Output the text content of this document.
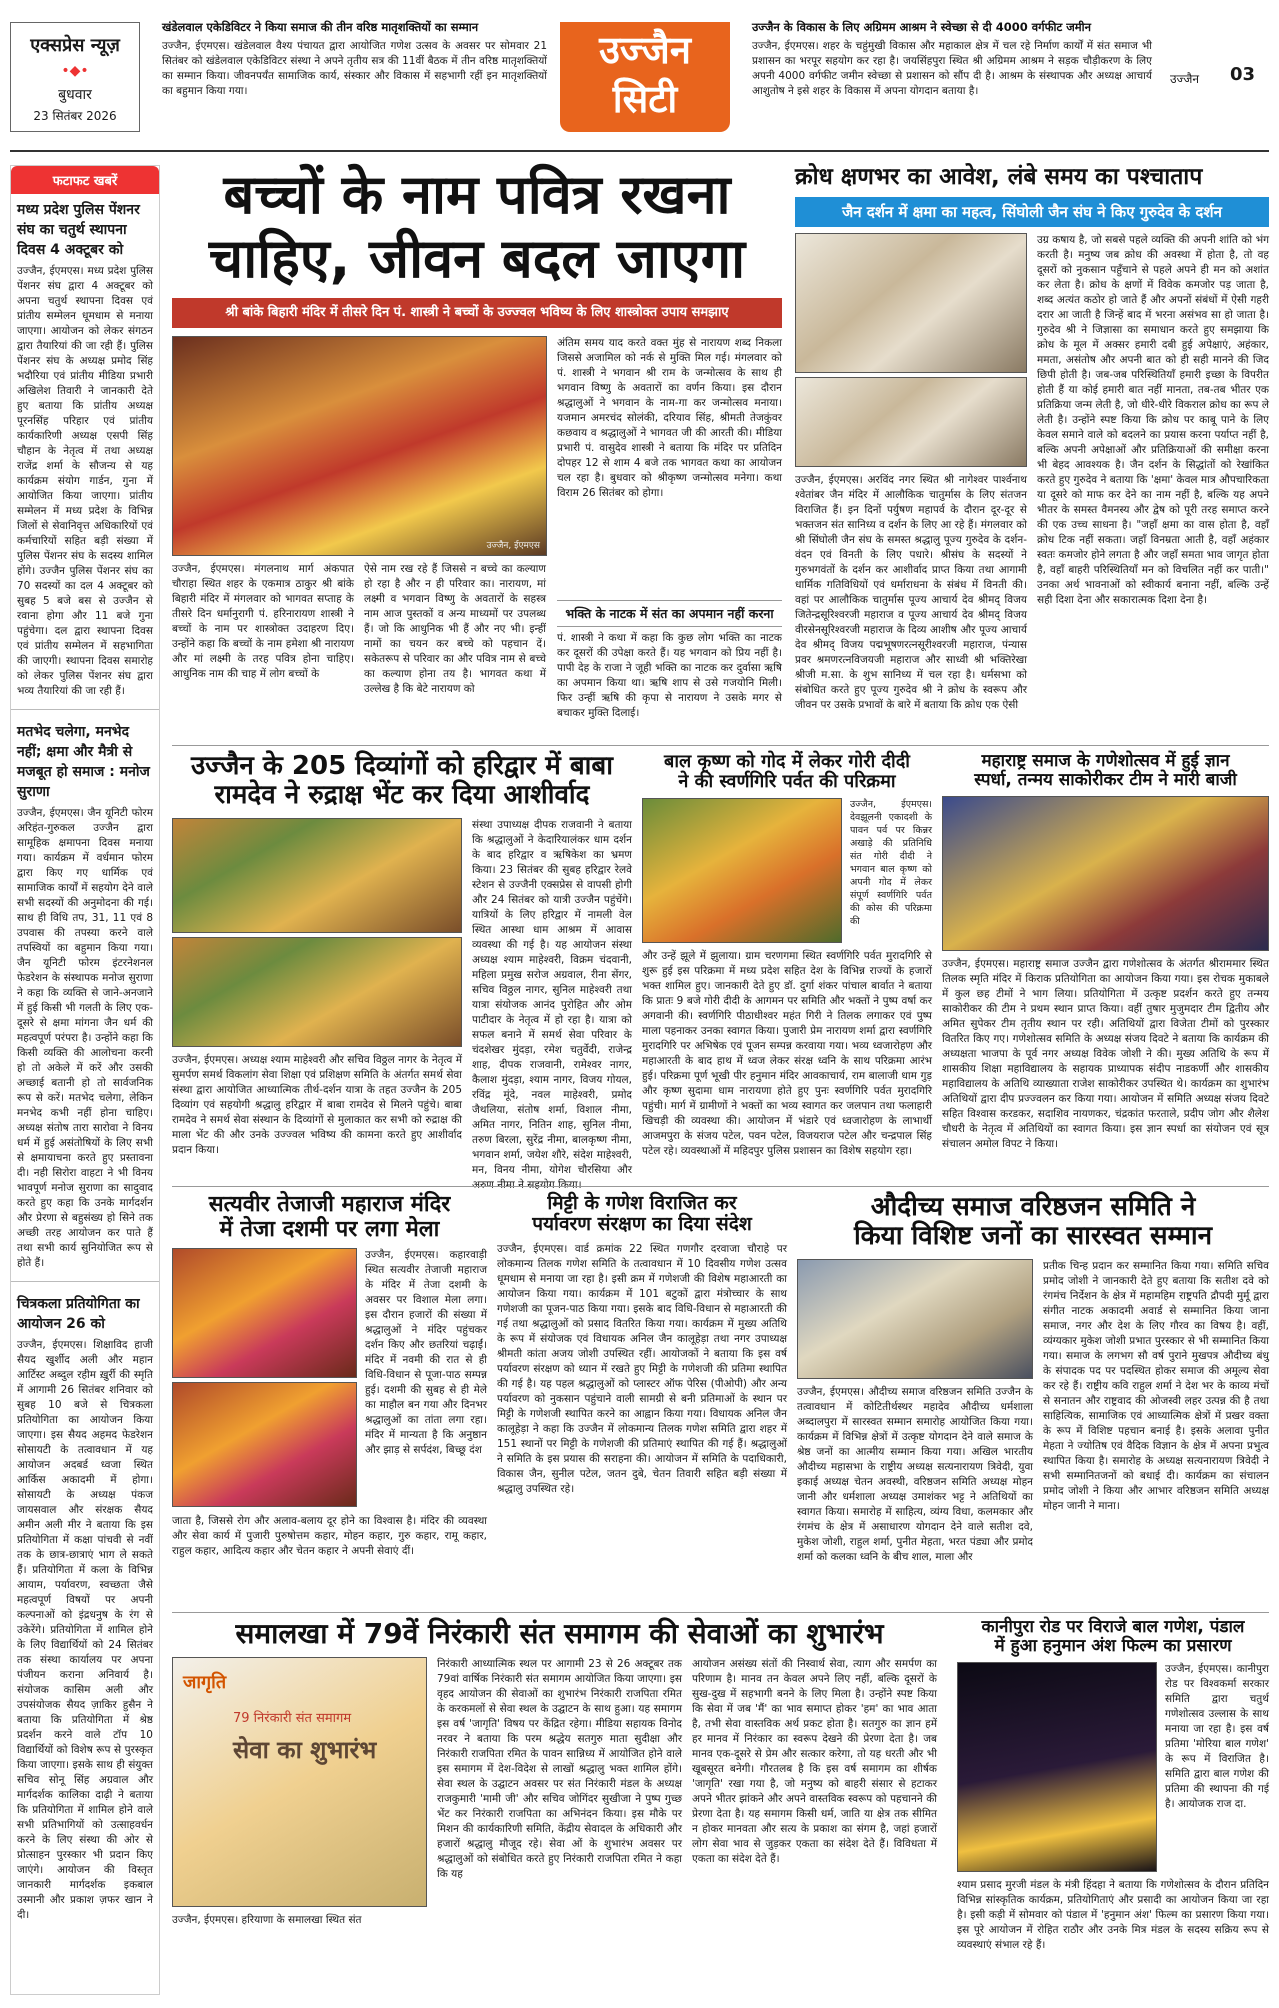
एक्सप्रेस न्यूज़
•◆•
बुधवार
23 सितंबर 2026
खंडेलवाल एकेडिविटर ने किया समाज की तीन वरिष्ठ मातृशक्तियों का सम्मान

उज्जैन, ईएमएस। खंडेलवाल वैश्य पंचायत द्वारा आयोजित गणेश उत्सव के अवसर पर सोमवार 21 सितंबर को खंडेलवाल एकेडिविटर संस्था ने अपने तृतीय सत्र की 11वीं बैठक में तीन वरिष्ठ मातृशक्तियों का सम्मान किया। जीवनपर्यंत सामाजिक कार्य, संस्कार और विकास में सहभागी रहीं इन मातृशक्तियों का बहुमान किया गया।

उज्जैन
सिटी
उज्जैन के विकास के लिए अग्रिमम आश्रम ने स्वेच्छा से दी 4000 वर्गफीट जमीन

उज्जैन, ईएमएस। शहर के चहुंमुखी विकास और महाकाल क्षेत्र में चल रहे निर्माण कार्यों में संत समाज भी प्रशासन का भरपूर सहयोग कर रहा है। जयसिंहपुरा स्थित श्री अग्रिमम आश्रम ने सड़क चौड़ीकरण के लिए अपनी 4000 वर्गफीट जमीन स्वेच्छा से प्रशासन को सौंप दी है। आश्रम के संस्थापक और अध्यक्ष आचार्य आशुतोष ने इसे शहर के विकास में अपना योगदान बताया है।

उज्जैन 03
फटाफट खबरें
मध्य प्रदेश पुलिस पेंशनर संघ का चतुर्थ स्थापना दिवस 4 अक्टूबर को

उज्जैन, ईएमएस। मध्य प्रदेश पुलिस पेंशनर संघ द्वारा 4 अक्टूबर को अपना चतुर्थ स्थापना दिवस एवं प्रांतीय सम्मेलन धूमधाम से मनाया जाएगा। आयोजन को लेकर संगठन द्वारा तैयारियां की जा रही हैं। पुलिस पेंशनर संघ के अध्यक्ष प्रमोद सिंह भदौरिया एवं प्रांतीय मीडिया प्रभारी अखिलेश तिवारी ने जानकारी देते हुए बताया कि प्रांतीय अध्यक्ष पूरनसिंह परिहार एवं प्रांतीय कार्यकारिणी अध्यक्ष एसपी सिंह चौहान के नेतृत्व में तथा अध्यक्ष राजेंद्र शर्मा के सौजन्य से यह कार्यक्रम संयोग गार्डन, गुना में आयोजित किया जाएगा। प्रांतीय सम्मेलन में मध्य प्रदेश के विभिन्न जिलों से सेवानिवृत्त अधिकारियों एवं कर्मचारियों सहित बड़ी संख्या में पुलिस पेंशनर संघ के सदस्य शामिल होंगे। उज्जैन पुलिस पेंशनर संघ का 70 सदस्यों का दल 4 अक्टूबर को सुबह 5 बजे बस से उज्जैन से रवाना होगा और 11 बजे गुना पहुंचेगा। दल द्वारा स्थापना दिवस एवं प्रांतीय सम्मेलन में सहभागिता की जाएगी। स्थापना दिवस समारोह को लेकर पुलिस पेंशनर संघ द्वारा भव्य तैयारियां की जा रही हैं।

मतभेद चलेगा, मनभेद नहीं; क्षमा और मैत्री से मजबूत हो समाज : मनोज सुराणा

उज्जैन, ईएमएस। जैन यूनिटी फोरम अरिहंत-गुरुकल उज्जैन द्वारा सामूहिक क्षमापना दिवस मनाया गया। कार्यक्रम में वर्धमान फोरम द्वारा किए गए धार्मिक एवं सामाजिक कार्यों में सहयोग देने वाले सभी सदस्यों की अनुमोदना की गई। साथ ही विधि तप, 31, 11 एवं 8 उपवास की तपस्या करने वाले तपस्वियों का बहुमान किया गया। जैन यूनिटी फोरम इंटरनेशनल फेडरेशन के संस्थापक मनोज सुराणा ने कहा कि व्यक्ति से जाने-अनजाने में हुई किसी भी गलती के लिए एक-दूसरे से क्षमा मांगना जैन धर्म की महत्वपूर्ण परंपरा है। उन्होंने कहा कि किसी व्यक्ति की आलोचना करनी हो तो अकेले में करें और उसकी अच्छाई बतानी हो तो सार्वजनिक रूप से करें। मतभेद चलेगा, लेकिन मनभेद कभी नहीं होना चाहिए। अध्यक्ष संतोष तारा सारोवा ने विनय धर्म में हुई असंतोषियों के लिए सभी से क्षमायाचना करते हुए प्रस्तावना दी। नही सिरोरा वाहटा ने भी विनय भावपूर्ण मनोज सुराणा का सादुवाद करते हुए कहा कि उनके मार्गदर्शन और प्रेरणा से बहुसंख्य हो सिने तक अच्छी तरह आयोजन कर पाते हैं तथा सभी कार्य सुनियोजित रूप से होते हैं।

चित्रकला प्रतियोगिता का आयोजन 26 को

उज्जैन, ईएमएस। शिक्षाविद हाजी सैयद खुर्शीद अली और महान आर्टिस्ट अब्दुल रहीम ख़ुर्री की स्मृति में आगामी 26 सितंबर शनिवार को सुबह 10 बजे से चित्रकला प्रतियोगिता का आयोजन किया जाएगा। इस सैयद अहमद फेडरेशन सोसायटी के तत्वावधान में यह आयोजन अदबर्ड ध्वजा स्थित आर्किस अकादमी में होगा। सोसायटी के अध्यक्ष पंकज जायसवाल और संरक्षक सैयद अमीन अली मीर ने बताया कि इस प्रतियोगिता में कक्षा पांचवी से नवीं तक के छात्र-छात्राएं भाग ले सकते हैं। प्रतियोगिता में कला के विभिन्न आयाम, पर्यावरण, स्वच्छता जैसे महत्वपूर्ण विषयों पर अपनी कल्पनाओं को इंद्रधनुष के रंग से उकेरेंगे। प्रतियोगिता में शामिल होने के लिए विद्यार्थियों को 24 सितंबर तक संस्था कार्यालय पर अपना पंजीयन कराना अनिवार्य है। संयोजक कासिम अली और उपसंयोजक सैयद ज़ाकिर हुसैन ने बताया कि प्रतियोगिता में श्रेष्ठ प्रदर्शन करने वाले टॉप 10 विद्यार्थियों को विशेष रूप से पुरस्कृत किया जाएगा। इसके साथ ही संयुक्त सचिव सोनू सिंह अग्रवाल और मार्गदर्शक कालिका दाढ़ी ने बताया कि प्रतियोगिता में शामिल होने वाले सभी प्रतिभागियों को उत्साहवर्धन करने के लिए संस्था की ओर से प्रोत्साहन पुरस्कार भी प्रदान किए जाएंगे। आयोजन की विस्तृत जानकारी मार्गदर्शक इकबाल उस्मानी और प्रकाश ज़फर खान ने दी।

बच्चों के नाम पवित्र रखना
चाहिए, जीवन बदल जाएगा
श्री बांके बिहारी मंदिर में तीसरे दिन पं. शास्त्री ने बच्चों के उज्ज्वल भविष्य के लिए शास्त्रोक्त उपाय समझाए
उज्जैन, ईएमएस

उज्जैन, ईएमएस। मंगलनाथ मार्ग अंकपात चौराहा स्थित शहर के एकमात्र ठाकुर श्री बांके बिहारी मंदिर में मंगलवार को भागवत सप्ताह के तीसरे दिन धर्मानुरागी पं. हरिनारायण शास्त्री ने बच्चों के नाम पर शास्त्रोक्त उदाहरण दिए। उन्होंने कहा कि बच्चों के नाम हमेशा श्री नारायण और मां लक्ष्मी के तरह पवित्र होना चाहिए। आधुनिक नाम की चाह में लोग बच्चों के

ऐसे नाम रख रहे हैं जिससे न बच्चे का कल्याण हो रहा है और न ही परिवार का। नारायण, मां लक्ष्मी व भगवान विष्णु के अवतारों के सहस्त्र नाम आज पुस्तकों व अन्य माध्यमों पर उपलब्ध हैं। जो कि आधुनिक भी हैं और नए भी। इन्हीं नामों का चयन कर बच्चे को पहचान दें। सकेतरूप से परिवार का और पवित्र नाम से बच्चे का कल्याण होना तय है। भागवत कथा में उल्लेख है कि बेटे नारायण को

अंतिम समय याद करते वक्त मुंह से नारायण शब्द निकला जिससे अजामिल को नर्क से मुक्ति मिल गई। मंगलवार को पं. शास्त्री ने भगवान श्री राम के जन्मोत्सव के साथ ही भगवान विष्णु के अवतारों का वर्णन किया। इस दौरान श्रद्धालुओं ने भगवान के नाम-गा कर जन्मोत्सव मनाया। यजमान अमरचंद सोलंकी, दरियाव सिंह, श्रीमती तेजकुंवर कछवाय व श्रद्धालुओं ने भागवत जी की आरती की। मीडिया प्रभारी पं. वासुदेव शास्त्री ने बताया कि मंदिर पर प्रतिदिन दोपहर 12 से शाम 4 बजे तक भागवत कथा का आयोजन चल रहा है। बुधवार को श्रीकृष्ण जन्मोत्सव मनेगा। कथा विराम 26 सितंबर को होगा।

भक्ति के नाटक में संत का अपमान नहीं करना

पं. शास्त्री ने कथा में कहा कि कुछ लोग भक्ति का नाटक कर दूसरों की उपेक्षा करते हैं। यह भगवान को प्रिय नहीं है। पापी देह के राजा ने जूही भक्ति का नाटक कर दुर्वासा ऋषि का अपमान किया था। ऋषि शाप से उसे गजयोनि मिली। फिर उन्हीं ऋषि की कृपा से नारायण ने उसके मगर से बचाकर मुक्ति दिलाई।

क्रोध क्षणभर का आवेश, लंबे समय का पश्चाताप
जैन दर्शन में क्षमा का महत्व, सिंघोली जैन संघ ने किए गुरुदेव के दर्शन

उज्जैन, ईएमएस। अरविंद नगर स्थित श्री नागेश्वर पार्श्वनाथ श्वेतांबर जैन मंदिर में आलौकिक चातुर्मास के लिए संतजन विराजित हैं। इन दिनों पर्युषण महापर्व के दौरान दूर-दूर से भक्तजन संत सानिध्य व दर्शन के लिए आ रहे हैं। मंगलवार को श्री सिंघोली जैन संघ के समस्त श्रद्धालु पूज्य गुरुदेव के दर्शन-वंदन एवं विनती के लिए पधारे। श्रीसंघ के सदस्यों ने गुरुभगवंतों के दर्शन कर आशीर्वाद प्राप्त किया तथा आगामी धार्मिक गतिविधियों एवं धर्माराधना के संबंध में विनती की। वहां पर आलौकिक चातुर्मास पूज्य आचार्य देव श्रीमद् विजय जितेन्द्रसूरिश्वरजी महाराज व पूज्य आचार्य देव श्रीमद् विजय वीरसेनसूरिश्वरजी महाराज के दिव्य आशीष और पूज्य आचार्य देव श्रीमद् विजय पद्मभूषणरत्नसूरीश्वरजी महाराज, पंन्यास प्रवर श्रमणरत्नविजयजी महाराज और साध्वी श्री भक्तिरेखा श्रीजी म.सा. के शुभ सानिध्य में चल रहा है। धर्मसभा को संबोधित करते हुए पूज्य गुरुदेव श्री ने क्रोध के स्वरूप और जीवन पर उसके प्रभावों के बारे में बताया कि क्रोध एक ऐसी

उग्र कषाय है, जो सबसे पहले व्यक्ति की अपनी शांति को भंग करती है। मनुष्य जब क्रोध की अवस्था में होता है, तो वह दूसरों को नुकसान पहुँचाने से पहले अपने ही मन को अशांत कर लेता है। क्रोध के क्षणों में विवेक कमजोर पड़ जाता है, शब्द अत्यंत कठोर हो जाते हैं और अपनों संबंधों में ऐसी गहरी दरार आ जाती है जिन्हें बाद में भरना असंभव सा हो जाता है। गुरुदेव श्री ने जिज्ञासा का समाधान करते हुए समझाया कि क्रोध के मूल में अक्सर हमारी दबी हुई अपेक्षाएं, अहंकार, ममता, असंतोष और अपनी बात को ही सही मानने की जिद छिपी होती है। जब-जब परिस्थितियाँ हमारी इच्छा के विपरीत होती हैं या कोई हमारी बात नहीं मानता, तब-तब भीतर एक प्रतिक्रिया जन्म लेती है, जो धीरे-धीरे विकराल क्रोध का रूप ले लेती है। उन्होंने स्पष्ट किया कि क्रोध पर काबू पाने के लिए केवल समाने वाले को बदलने का प्रयास करना पर्याप्त नहीं है, बल्कि अपनी अपेक्षाओं और प्रतिक्रियाओं की समीक्षा करना भी बेहद आवश्यक है। जैन दर्शन के सिद्धांतों को रेखांकित करते हुए गुरुदेव ने बताया कि 'क्षमा' केवल मात्र औपचारिकता या दूसरे को माफ कर देने का नाम नहीं है, बल्कि यह अपने भीतर के समस्त वैमनस्य और द्वेष को पूरी तरह समाप्त करने की एक उच्च साधना है। "जहाँ क्षमा का वास होता है, वहाँ क्रोध टिक नहीं सकता। जहाँ विनम्रता आती है, वहाँ अहंकार स्वतः कमजोर होने लगता है और जहाँ समता भाव जागृत होता है, वहाँ बाहरी परिस्थितियाँ मन को विचलित नहीं कर पाती।" उनका अर्थ भावनाओं को स्वीकार्य बनाना नहीं, बल्कि उन्हें सही दिशा देना और सकारात्मक दिशा देना है।

उज्जैन के 205 दिव्यांगों को हरिद्वार में बाबा
रामदेव ने रुद्राक्ष भेंट कर दिया आशीर्वाद

उज्जैन, ईएमएस। अध्यक्ष श्याम माहेश्वरी और सचिव विठ्ठल नागर के नेतृत्व में सुमर्पण समर्थ विकलांग सेवा शिक्षा एवं प्रशिक्षण समिति के अंतर्गत समर्थ सेवा संस्था द्वारा आयोजित आध्यात्मिक तीर्थ-दर्शन यात्रा के तहत उज्जैन के 205 दिव्यांग एवं सहयोगी श्रद्धालु हरिद्वार में बाबा रामदेव से मिलने पहुंचे। बाबा रामदेव ने समर्थ सेवा संस्थान के दिव्यांगों से मुलाकात कर सभी को रुद्राक्ष की माला भेंट की और उनके उज्ज्वल भविष्य की कामना करते हुए आशीर्वाद प्रदान किया।

संस्था उपाध्यक्ष दीपक राजवानी ने बताया कि श्रद्धालुओं ने केदारियालंकर धाम दर्शन के बाद हरिद्वार व ऋषिकेश का भ्रमण किया। 23 सितंबर की सुबह हरिद्वार रेलवे स्टेशन से उज्जैनी एक्सप्रेस से वापसी होगी और 24 सितंबर को यात्री उज्जैन पहुंचेंगे। यात्रियों के लिए हरिद्वार में नामली वेल स्थित आस्था धाम आश्रम में आवास व्यवस्था की गई है। यह आयोजन संस्था अध्यक्ष श्याम माहेश्वरी, विक्रम चंदवानी, महिला प्रमुख सरोज अग्रवाल, रीना सेंगर, सचिव विठ्ठल नागर, सुनिल माहेश्वरी तथा यात्रा संयोजक आनंद पुरोहित और ओम पाटीदार के नेतृत्व में हो रहा है। यात्रा को सफल बनाने में समर्थ सेवा परिवार के चंदशेखर मुंदड़ा, रमेश चतुर्वेदी, राजेन्द्र शाह, दीपक राजवानी, रामेश्वर नागर, कैलाश मुंदड़ा, श्याम नागर, विजय गोयल, रविंद्र मूंदे, नवल माहेश्वरी, प्रमोद जैथलिया, संतोष शर्मा, विशाल नीमा, अमित नागर, नितिन शाह, सुनिल नीमा, तरुण बिरला, सुरेंद्र नीमा, बालकृष्ण नीमा, भगवान शर्मा, जयेश शौरे, संदेश माहेश्वरी, मन, विनय नीमा, योगेश चौरसिया और

बाल कृष्ण को गोद में लेकर गोरी दीदी
ने की स्वर्णगिरि पर्वत की परिक्रमा

उज्जैन, ईएमएस। देवझूलनी एकादशी के पावन पर्व पर किन्नर अखाड़े की प्रतिनिधि संत गोरी दीदी ने भगवान बाल कृष्ण को अपनी गोद में लेकर संपूर्ण स्वर्णगिरि पर्वत की कोस की परिक्रमा की

और उन्हें झूले में झुलाया। ग्राम चरणगमा स्थित स्वर्णगिरि पर्वत मुरादगिरि से शुरू हुई इस परिक्रमा में मध्य प्रदेश सहित देश के विभिन्न राज्यों के हजारों भक्त शामिल हुए। जानकारी देते हुए डॉ. दुर्गा शंकर पांचाल बार्वात ने बताया कि प्रातः 9 बजे गोरी दीदी के आगमन पर समिति और भक्तों ने पुष्प वर्षा कर अगवानी की। स्वर्णगिरि पीठाधीश्वर महंत गिरी ने तिलक लगाकर एवं पुष्प माला पहनाकर उनका स्वागत किया। पुजारी प्रेम नारायण शर्मा द्वारा स्वर्णगिरि मुरादगिरि पर अभिषेक एवं पूजन सम्पन्न करवाया गया। भव्य ध्वजारोहण और महाआरती के बाद हाथ में ध्वज लेकर संरक्ष ध्वनि के साथ परिक्रमा आरंभ हुई। परिक्रमा पूर्ण भूखी पीर हनुमान मंदिर आवकाचार्य, राम बालाजी धाम गुड़ और कृष्ण सुदामा धाम नारायणा होते हुए पुनः स्वर्णगिरि पर्वत मुरादगिरि पहुंची। मार्ग में ग्रामीणों ने भक्तों का भव्य स्वागत कर जलपान तथा फलाहारी खिचड़ी की व्यवस्था की। आयोजन में भंडारे एवं ध्वजारोहण के लाभार्थी आजमपुरा के संजय पटेल, पवन पटेल, विजयराज पटेल और चन्द्रपाल सिंह पटेल रहे। व्यवस्थाओं में महिदपुर पुलिस प्रशासन का विशेष सहयोग रहा।

महाराष्ट्र समाज के गणेशोत्सव में हुई ज्ञान
स्पर्धा, तन्मय साकोरीकर टीम ने मारी बाजी

उज्जैन, ईएमएस। महाराष्ट्र समाज उज्जैन द्वारा गणेशोत्सव के अंतर्गत श्रीराममार स्थित तिलक स्मृति मंदिर में किराक प्रतियोगिता का आयोजन किया गया। इस रोचक मुकाबले में कुल छह टीमों ने भाग लिया। प्रतियोगिता में उत्कृष्ट प्रदर्शन करते हुए तन्मय साकोरीकर की टीम ने प्रथम स्थान प्राप्त किया। वहीं तुषार मुजुमदार टीम द्वितीय और अमित सुपेकर टीम तृतीय स्थान पर रही। अतिथियों द्वारा विजेता टीमों को पुरस्कार वितरित किए गए। गणेशोत्सव समिति के अध्यक्ष संजय दिवटे ने बताया कि कार्यक्रम की अध्यक्षता भाजपा के पूर्व नगर अध्यक्ष विवेक जोशी ने की। मुख्य अतिथि के रूप में शासकीय शिक्षा महाविद्यालय के सहायक प्राध्यापक संदीप नाडकर्णी और शासकीय महाविद्यालय के अतिथि व्याख्याता राजेश साकोरीकर उपस्थित थे। कार्यक्रम का शुभारंभ अतिथियों द्वारा दीप प्रज्ज्वलन कर किया गया। आयोजन में समिति अध्यक्ष संजय दिवटे सहित विश्वास करडकर, सदाशिव नायणकर, चंद्रकांत फरताले, प्रदीप जोग और शैलेश चौधरी के नेतृत्व में अतिथियों का स्वागत किया। इस ज्ञान स्पर्धा का संयोजन एवं सूत्र संचालन अमोल विपट ने किया।

सत्यवीर तेजाजी महाराज मंदिर
में तेजा दशमी पर लगा मेला

उज्जैन, ईएमएस। कहारवाड़ी स्थित सत्यवीर तेजाजी महाराज के मंदिर में तेजा दशमी के अवसर पर विशाल मेला लगा। इस दौरान हजारों की संख्या में श्रद्धालुओं ने मंदिर पहुंचकर दर्शन किए और छतरियां चढ़ाईं। मंदिर में नवमी की रात से ही विधि-विधान से पूजा-पाठ सम्पन्न हुई। दशमी की सुबह से ही मेले का माहौल बन गया और दिनभर श्रद्धालुओं का तांता लगा रहा। मंदिर में मान्यता है कि अनुष्ठान और झाड़ से सर्पदंश, बिच्छू दंश

जाता है, जिससे रोग और अलाव-बलाय दूर होने का विश्वास है। मंदिर की व्यवस्था और सेवा कार्य में पुजारी पुरुषोत्तम कहार, मोहन कहार, गुरु कहार, रामू कहार, राहुल कहार, आदित्य कहार और चेतन कहार ने अपनी सेवाएं दीं।

मिट्टी के गणेश विराजित कर
पर्यावरण संरक्षण का दिया संदेश

उज्जैन, ईएमएस। वार्ड क्रमांक 22 स्थित गणगौर दरवाजा चौराहे पर लोकमान्य तिलक गणेश समिति के तत्वावधान में 10 दिवसीय गणेश उत्सव धूमधाम से मनाया जा रहा है। इसी क्रम में गणेशजी की विशेष महाआरती का आयोजन किया गया। कार्यक्रम में 101 बटुकों द्वारा मंत्रोच्चार के साथ गणेशजी का पूजन-पाठ किया गया। इसके बाद विधि-विधान से महाआरती की गई तथा श्रद्धालुओं को प्रसाद वितरित किया गया। कार्यक्रम में मुख्य अतिथि के रूप में संयोजक एवं विधायक अनिल जैन कालूहेड़ा तथा नगर उपाध्यक्ष श्रीमती कांता अजय जोशी उपस्थित रहीं। आयोजकों ने बताया कि इस वर्ष पर्यावरण संरक्षण को ध्यान में रखते हुए मिट्टी के गणेशजी की प्रतिमा स्थापित की गई है। यह पहल श्रद्धालुओं को प्लास्टर ऑफ पेरिस (पीओपी) और अन्य पर्यावरण को नुकसान पहुंचाने वाली सामग्री से बनी प्रतिमाओं के स्थान पर मिट्टी के गणेशजी स्थापित करने का आह्वान किया गया। विधायक अनिल जैन कालूहेड़ा ने कहा कि उज्जैन में लोकमान्य तिलक गणेश समिति द्वारा शहर में 151 स्थानों पर मिट्टी के गणेशजी की प्रतिमाएं स्थापित की गई हैं। श्रद्धालुओं ने समिति के इस प्रयास की सराहना की। आयोजन में समिति के पदाधिकारी, विकास जैन, सुनील पटेल, जतन दुबे, चेतन तिवारी सहित बड़ी संख्या में श्रद्धालु उपस्थित रहे।

औदीच्य समाज वरिष्ठजन समिति ने
किया विशिष्ट जनों का सारस्वत सम्मान

उज्जैन, ईएमएस। औदीच्य समाज वरिष्ठजन समिति उज्जैन के तत्वावधान में कोटितीर्थस्थर महादेव औदीच्य धर्मशाला अब्दालपुरा में सारस्वत सम्मान समारोह आयोजित किया गया। कार्यक्रम में विभिन्न क्षेत्रों में उत्कृष्ट योगदान देने वाले समाज के श्रेष्ठ जनों का आत्मीय सम्मान किया गया। अखिल भारतीय औदीच्य महासभा के राष्ट्रीय अध्यक्ष सत्यनारायण त्रिवेदी, युवा इकाई अध्यक्ष चेतन अवस्थी, वरिष्ठजन समिति अध्यक्ष मोहन जानी और धर्मशाला अध्यक्ष उमाशंकर भट्ट ने अतिथियों का स्वागत किया। समारोह में साहित्य, व्यंग्य विधा, कलमकार और रंगमंच के क्षेत्र में असाधारण योगदान देने वाले सतीश दवे, मुकेश जोशी, राहुल शर्मा, पुनीत मेहता, भरत पंड्या और प्रमोद शर्मा को कलका ध्वनि के बीच शाल, माला और

प्रतीक चिन्ह प्रदान कर सम्मानित किया गया। समिति सचिव प्रमोद जोशी ने जानकारी देते हुए बताया कि सतीश दवे को रंगमंच निर्देशन के क्षेत्र में महामहिम राष्ट्रपति द्रौपदी मुर्मू द्वारा संगीत नाटक अकादमी अवार्ड से सम्मानित किया जाना समाज, नगर और देश के लिए गौरव का विषय है। वहीं, व्यंग्यकार मुकेश जोशी प्रभात पुरस्कार से भी सम्मानित किया गया। समाज के लगभग सौ वर्ष पुराने मुखपत्र औदीच्य बंधु के संपादक पद पर पदस्थित होकर समाज की अमूल्य सेवा कर रहे हैं। राष्ट्रीय कवि राहुल शर्मा ने देश भर के काव्य मंचों से सनातन और राष्ट्रवाद की ओजस्वी लहर उत्पन्न की है तथा साहित्यिक, सामाजिक एवं आध्यात्मिक क्षेत्रों में प्रखर वक्ता के रूप में विशिष्ट पहचान बनाई है। इसके अलावा पुनीत मेहता ने ज्योतिष एवं वैदिक विज्ञान के क्षेत्र में अपना प्रभुत्व स्थापित किया है। समारोह के अध्यक्ष सत्यनारायण त्रिवेदी ने सभी सम्मानितजनों को बधाई दी। कार्यक्रम का संचालन प्रमोद जोशी ने किया और आभार वरिष्ठजन समिति अध्यक्ष मोहन जानी ने माना।

समालखा में 79वें निरंकारी संत समागम की सेवाओं का शुभारंभ
जागृति
79 निरंकारी संत समागम
सेवा का शुभारंभ

उज्जैन, ईएमएस। हरियाणा के समालखा स्थित संत

निरंकारी आध्यात्मिक स्थल पर आगामी 23 से 26 अक्टूबर तक 79वां वार्षिक निरंकारी संत समागम आयोजित किया जाएगा। इस वृहद आयोजन की सेवाओं का शुभारंभ निरंकारी राजपिता रमित के करकमलों से सेवा स्थल के उद्घाटन के साथ हुआ। यह समागम इस वर्ष 'जागृति' विषय पर केंद्रित रहेगा। मीडिया सहायक विनोद नरवर ने बताया कि परम श्रद्धेय सतगुरु माता सुदीक्षा और निरंकारी राजपिता रमित के पावन सान्निध्य में आयोजित होने वाले इस समागम में देश-विदेश से लाखों श्रद्धालु भक्त शामिल होंगे। सेवा स्थल के उद्घाटन अवसर पर संत निरंकारी मंडल के अध्यक्ष राजकुमारी 'मामी जी' और सचिव जोगिंदर सुखीजा ने पुष्प गुच्छ भेंट कर निरंकारी राजपिता का अभिनंदन किया। इस मौके पर मिशन की कार्यकारिणी समिति, केंद्रीय सेवादल के अधिकारी और हजारों श्रद्धालु मौजूद रहे। सेवा ओं के शुभारंभ अवसर पर श्रद्धालुओं को संबोधित करते हुए निरंकारी राजपिता रमित ने कहा कि यह

आयोजन असंख्य संतों की निस्वार्थ सेवा, त्याग और समर्पण का परिणाम है। मानव तन केवल अपने लिए नहीं, बल्कि दूसरों के सुख-दुख में सहभागी बनने के लिए मिला है। उन्होंने स्पष्ट किया कि सेवा में जब 'मैं' का भाव समाप्त होकर 'हम' का भाव आता है, तभी सेवा वास्तविक अर्थ प्रकट होता है। सतगुरु का ज्ञान हमें हर मानव में निरंकार का स्वरूप देखने की प्रेरणा देता है। जब मानव एक-दूसरे से प्रेम और सत्कार करेगा, तो यह धरती और भी खूबसूरत बनेगी। गौरतलब है कि इस वर्ष समागम का शीर्षक 'जागृति' रखा गया है, जो मनुष्य को बाहरी संसार से हटाकर अपने भीतर झांकने और अपने वास्तविक स्वरूप को पहचानने की प्रेरणा देता है। यह समागम किसी धर्म, जाति या क्षेत्र तक सीमित न होकर मानवता और सत्य के प्रकाश का संगम है, जहां हजारों लोग सेवा भाव से जुड़कर एकता का संदेश देते हैं। विविधता में एकता का संदेश देते हैं।

कानीपुरा रोड पर विराजे बाल गणेश, पंडाल
में हुआ हनुमान अंश फिल्म का प्रसारण

उज्जैन, ईएमएस। कानीपुरा रोड पर विश्वकर्मा सरकार समिति द्वारा चतुर्थ गणेशोत्सव उल्लास के साथ मनाया जा रहा है। इस वर्ष प्रतिमा 'मोरिया बाल गणेश' के रूप में विराजित है। समिति द्वारा बाल गणेश की प्रतिमा की स्थापना की गई है। आयोजक राज दा.

श्याम प्रसाद मुरजी मंडल के मंत्री हिंदहा ने बताया कि गणेशोत्सव के दौरान प्रतिदिन विभिन्न सांस्कृतिक कार्यक्रम, प्रतियोगिताएं और प्रसादी का आयोजन किया जा रहा है। इसी कड़ी में सोमवार को पंडाल में 'हनुमान अंश' फिल्म का प्रसारण किया गया। इस पूरे आयोजन में रोहित राठौर और उनके मित्र मंडल के सदस्य सक्रिय रूप से व्यवस्थाएं संभाल रहे हैं।
